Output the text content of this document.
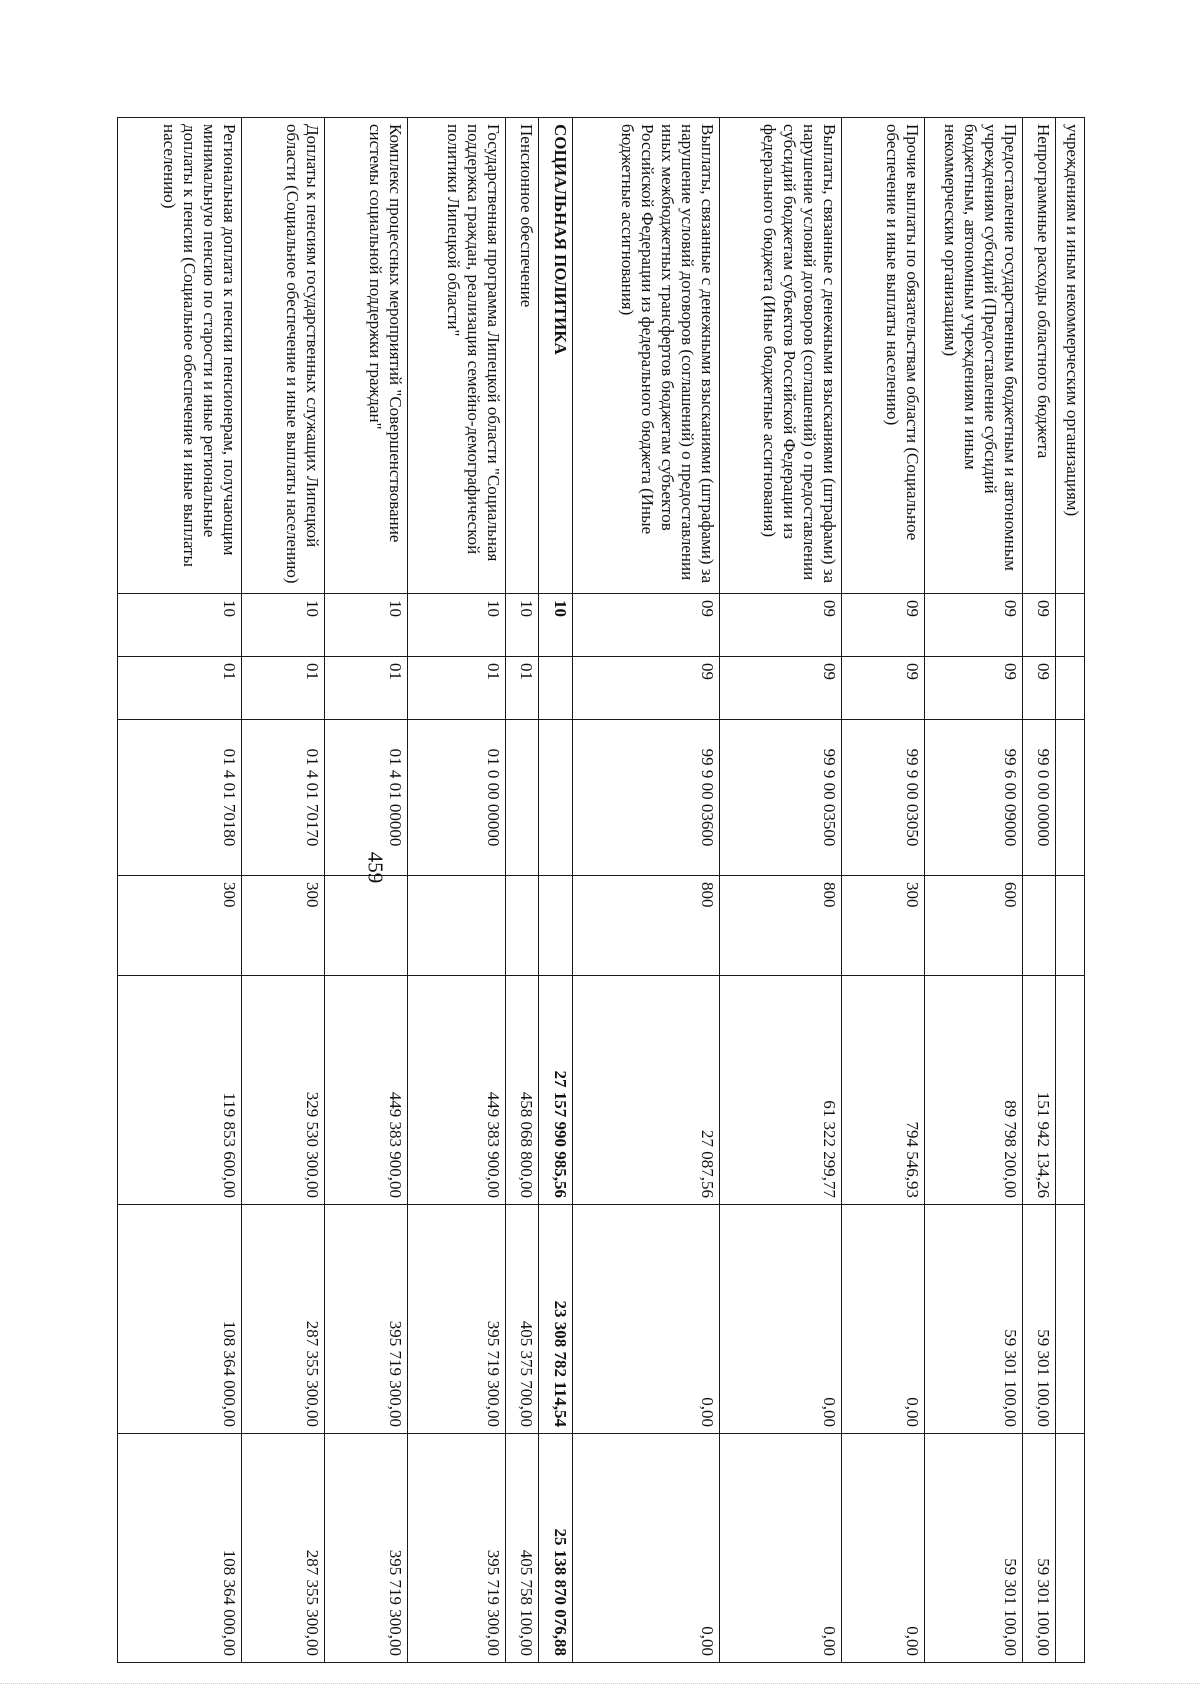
459
учреждениям и иным некоммерческим организациям)							
Непрограммные расходы областного бюджета	09	09	99 0 00 00000		151 942 134,26	59 301 100,00	59 301 100,00
Предоставление государственным бюджетным и автономным учреждениям субсидий (Предоставление субсидий бюджетным, автономным учреждениям и иным некоммерческим организациям)	09	09	99 6 00 09000	600	89 798 200,00	59 301 100,00	59 301 100,00
Прочие выплаты по обязательствам области (Социальное обеспечение и иные выплаты населению)	09	09	99 9 00 03050	300	794 546,93	0,00	0,00
Выплаты, связанные с денежными взысканиями (штрафами) за нарушение условий договоров (соглашений) о предоставлении субсидий бюджетам субъектов Российской Федерации из федерального бюджета (Иные бюджетные ассигнования)	09	09	99 9 00 03500	800	61 322 299,77	0,00	0,00
Выплаты, связанные с денежными взысканиями (штрафами) за нарушение условий договоров (соглашений) о предоставлении иных межбюджетных трансфертов бюджетам субъектов Российской Федерации из федерального бюджета (Иные бюджетные ассигнования)	09	09	99 9 00 03600	800	27 087,56	0,00	0,00
СОЦИАЛЬНАЯ ПОЛИТИКА	10				27 157 990 985,56	23 308 782 114,54	25 138 870 076,88
Пенсионное обеспечение	10	01			458 068 800,00	405 375 700,00	405 758 100,00
Государственная программа Липецкой области "Социальная поддержка граждан, реализация семейно-демографической политики Липецкой области"	10	01	01 0 00 00000		449 383 900,00	395 719 300,00	395 719 300,00
Комплекс процессных мероприятий "Совершенствование системы социальной поддержки граждан"	10	01	01 4 01 00000		449 383 900,00	395 719 300,00	395 719 300,00
Доплаты к пенсиям государственных служащих Липецкой области (Социальное обеспечение и иные выплаты населению)	10	01	01 4 01 70170	300	329 530 300,00	287 355 300,00	287 355 300,00
Региональная доплата к пенсии пенсионерам, получающим минимальную пенсию по старости и иные региональные доплаты к пенсии (Социальное обеспечение и иные выплаты населению)	10	01	01 4 01 70180	300	119 853 600,00	108 364 000,00	108 364 000,00
